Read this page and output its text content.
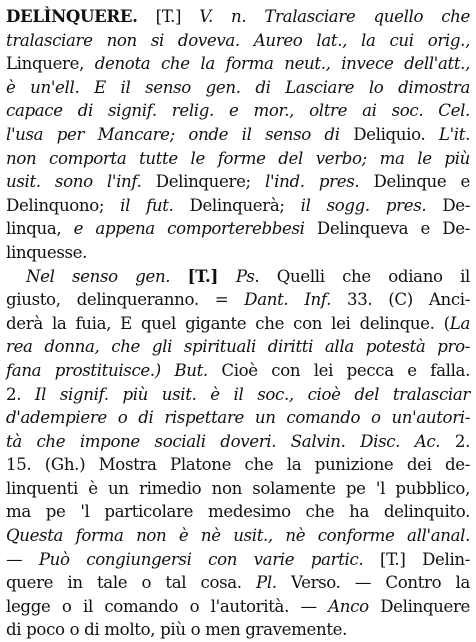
DELÌNQUERE. [T.] V. n. Tralasciare quello che
tralasciare non si doveva. Aureo lat., la cui orig.,
Linquere, denota che la forma neut., invece dell'att.,
è un'ell. E il senso gen. di Lasciare lo dimostra
capace di signif. relig. e mor., oltre ai soc. Cel.
l'usa per Mancare; onde il senso di Deliquio. L'it.
non comporta tutte le forme del verbo; ma le più
usit. sono l'inf. Delinquere; l'ind. pres. Delinque e
Delinquono; il fut. Delinquerà; il sogg. pres. De-
linqua, e appena comporterebbesi Delinqueva e De-
linquesse.
Nel senso gen. [T.] Ps. Quelli che odiano il
giusto, delinqueranno. = Dant. Inf. 33. (C) Anci-
derà la fuia, E quel gigante che con lei delinque. (La
rea donna, che gli spirituali diritti alla potestà pro-
fana prostituisce.) But. Cioè con lei pecca e falla.
2. Il signif. più usit. è il soc., cioè del tralasciar
d'adempiere o di rispettare un comando o un'autori-
tà che impone sociali doveri. Salvin. Disc. Ac. 2.
15. (Gh.) Mostra Platone che la punizione dei de-
linquenti è un rimedio non solamente pe 'l pubblico,
ma pe 'l particolare medesimo che ha delinquito.
Questa forma non è nè usit., nè conforme all'anal.
— Può congiungersi con varie partic. [T.] Delin-
quere in tale o tal cosa. Pl. Verso. — Contro la
legge o il comando o l'autorità. — Anco Delinquere
di poco o di molto, più o men gravemente.
